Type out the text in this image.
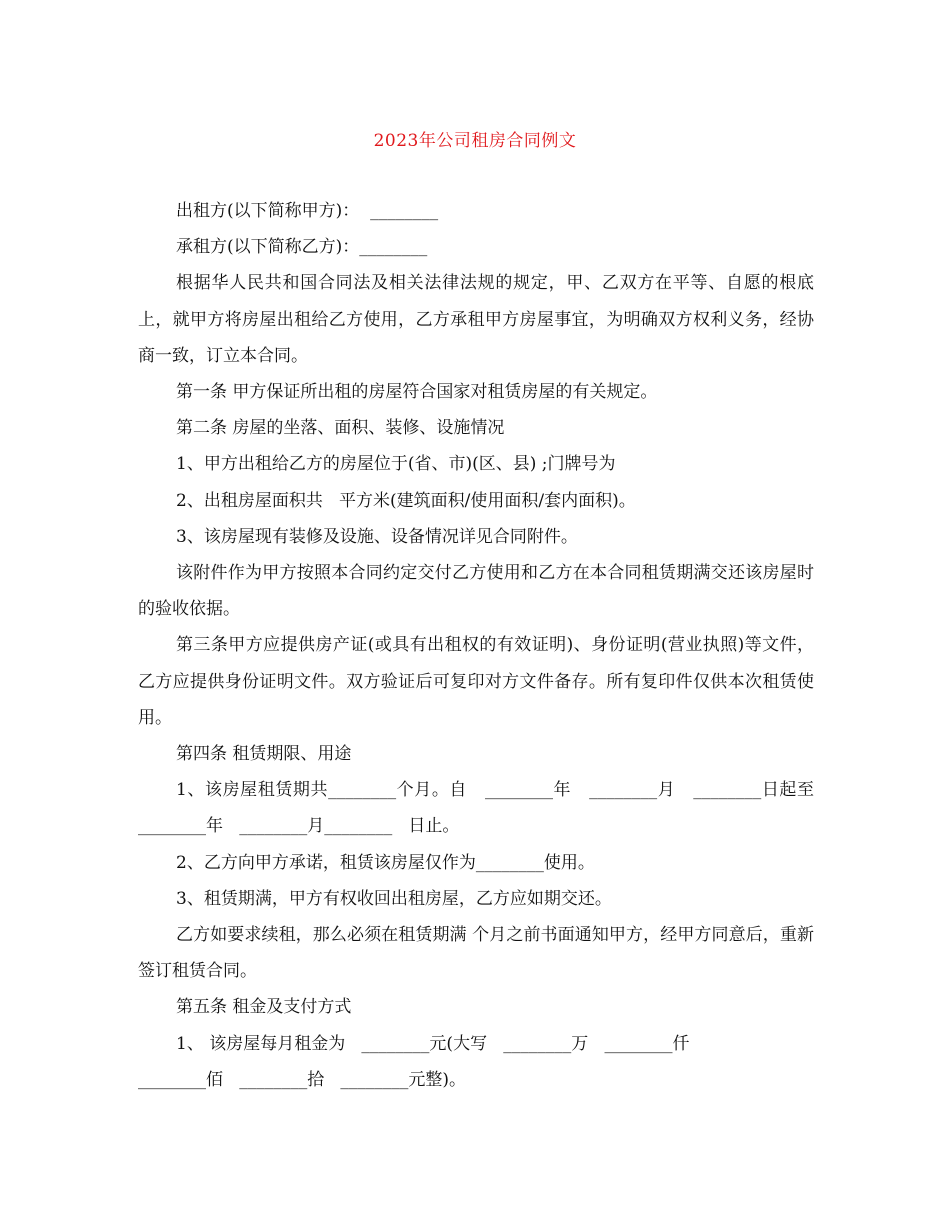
2023年公司租房合同例文

出租方(以下简称甲方)：  ________

承租方(以下简称乙方)：________

根据华人民共和国合同法及相关法律法规的规定，甲、乙双方在平等、自愿的根底上，就甲方将房屋出租给乙方使用，乙方承租甲方房屋事宜，为明确双方权利义务，经协商一致，订立本合同。

第一条 甲方保证所出租的房屋符合国家对租赁房屋的有关规定。

第二条 房屋的坐落、面积、装修、设施情况

1、甲方出租给乙方的房屋位于(省、市)(区、县) ;门牌号为

2、出租房屋面积共   平方米(建筑面积/使用面积/套内面积)。

3、该房屋现有装修及设施、设备情况详见合同附件。

该附件作为甲方按照本合同约定交付乙方使用和乙方在本合同租赁期满交还该房屋时的验收依据。

第三条甲方应提供房产证(或具有出租权的有效证明)、身份证明(营业执照)等文件，乙方应提供身份证明文件。双方验证后可复印对方文件备存。所有复印件仅供本次租赁使用。

第四条 租赁期限、用途

1、该房屋租赁期共________个月。自   ________年   ________月   ________日起至   ________年   ________月________   日止。

2、乙方向甲方承诺，租赁该房屋仅作为________使用。

3、租赁期满，甲方有权收回出租房屋，乙方应如期交还。

乙方如要求续租，那么必须在租赁期满 个月之前书面通知甲方，经甲方同意后，重新签订租赁合同。

第五条 租金及支付方式

1、 该房屋每月租金为   ________元(大写   ________万   ________仟

________佰   ________拾   ________元整)。
